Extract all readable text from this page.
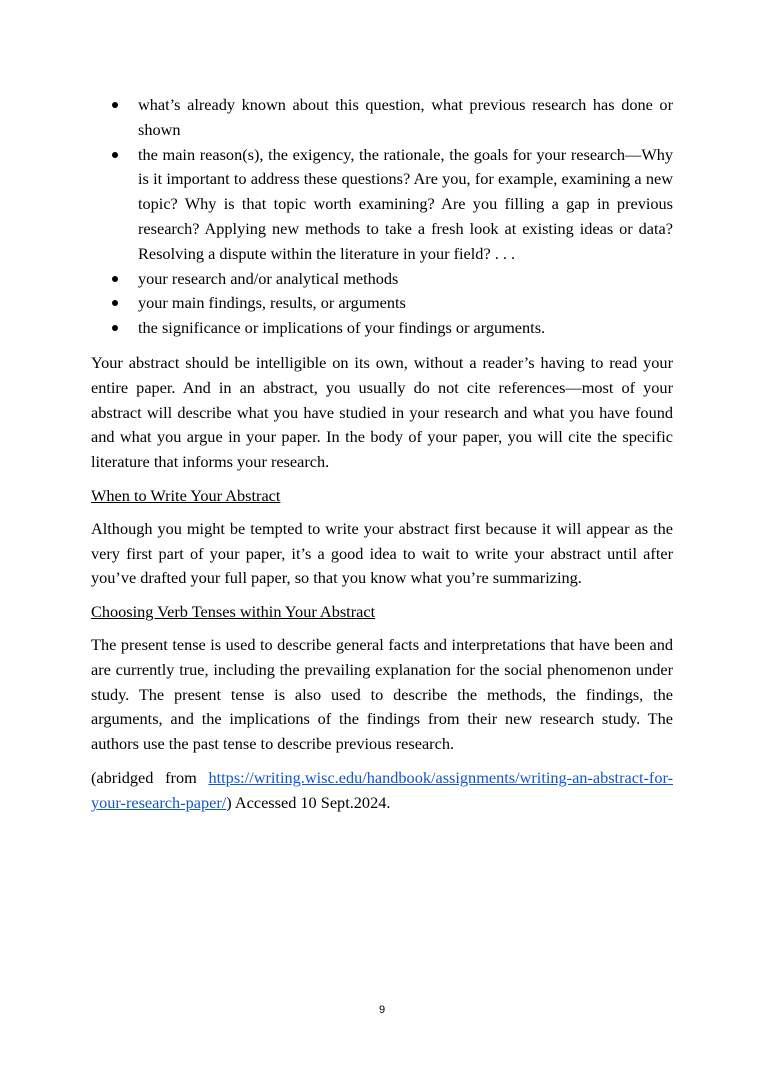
what’s already known about this question, what previous research has done or shown
the main reason(s), the exigency, the rationale, the goals for your research—Why is it important to address these questions? Are you, for example, examining a new topic? Why is that topic worth examining? Are you filling a gap in previous research? Applying new methods to take a fresh look at existing ideas or data? Resolving a dispute within the literature in your field? . . .
your research and/or analytical methods
your main findings, results, or arguments
the significance or implications of your findings or arguments.

Your abstract should be intelligible on its own, without a reader’s having to read your entire paper. And in an abstract, you usually do not cite references—most of your abstract will describe what you have studied in your research and what you have found and what you argue in your paper. In the body of your paper, you will cite the specific literature that informs your research.

When to Write Your Abstract

Although you might be tempted to write your abstract first because it will appear as the very first part of your paper, it’s a good idea to wait to write your abstract until after you’ve drafted your full paper, so that you know what you’re summarizing.

Choosing Verb Tenses within Your Abstract

The present tense is used to describe general facts and interpretations that have been and are currently true, including the prevailing explanation for the social phenomenon under study. The present tense is also used to describe the methods, the findings, the arguments, and the implications of the findings from their new research study. The authors use the past tense to describe previous research.

(abridged from https://writing.wisc.edu/handbook/assignments/writing-an-abstract-for-your-research-paper/) Accessed 10 Sept.2024.

9
